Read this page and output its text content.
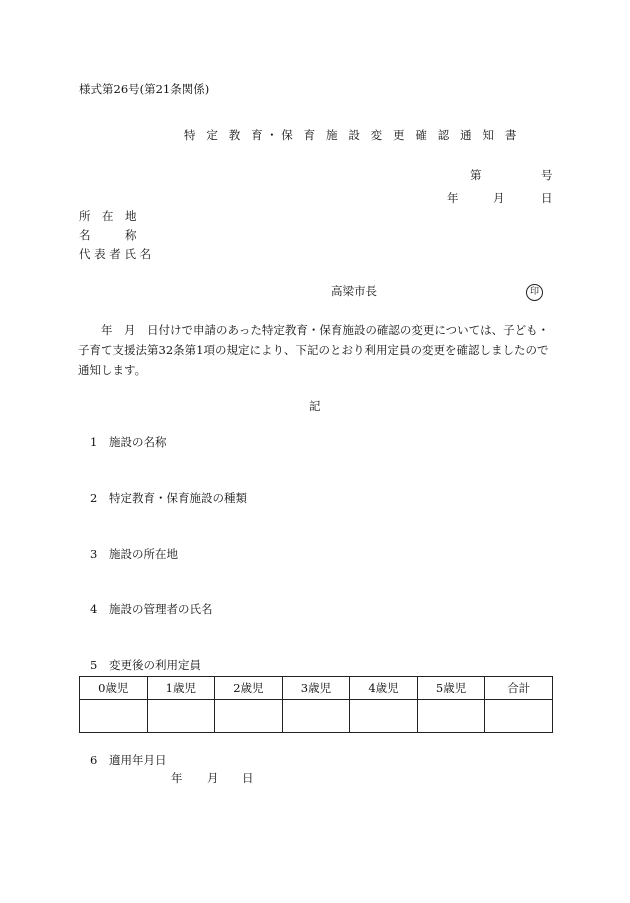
様式第26号(第21条関係)
特 定 教 育・保 育 施 設 変 更 確 認 通 知 書
第	号
年	月	日
所　在　地
名　　　称
代 表 者 氏 名
高梁市長	印
　　年　月　日付けで申請のあった特定教育・保育施設の確認の変更については、子ども・
子育て支援法第32条第1項の規定により、下記のとおり利用定員の変更を確認しましたので
通知します。
記
1 施設の名称
2 特定教育・保育施設の種類
3 施設の所在地
4 施設の管理者の氏名
5 変更後の利用定員
0歳児	1歳児	2歳児	3歳児	4歳児	5歳児	合計

6 適用年月日
年 月 日
